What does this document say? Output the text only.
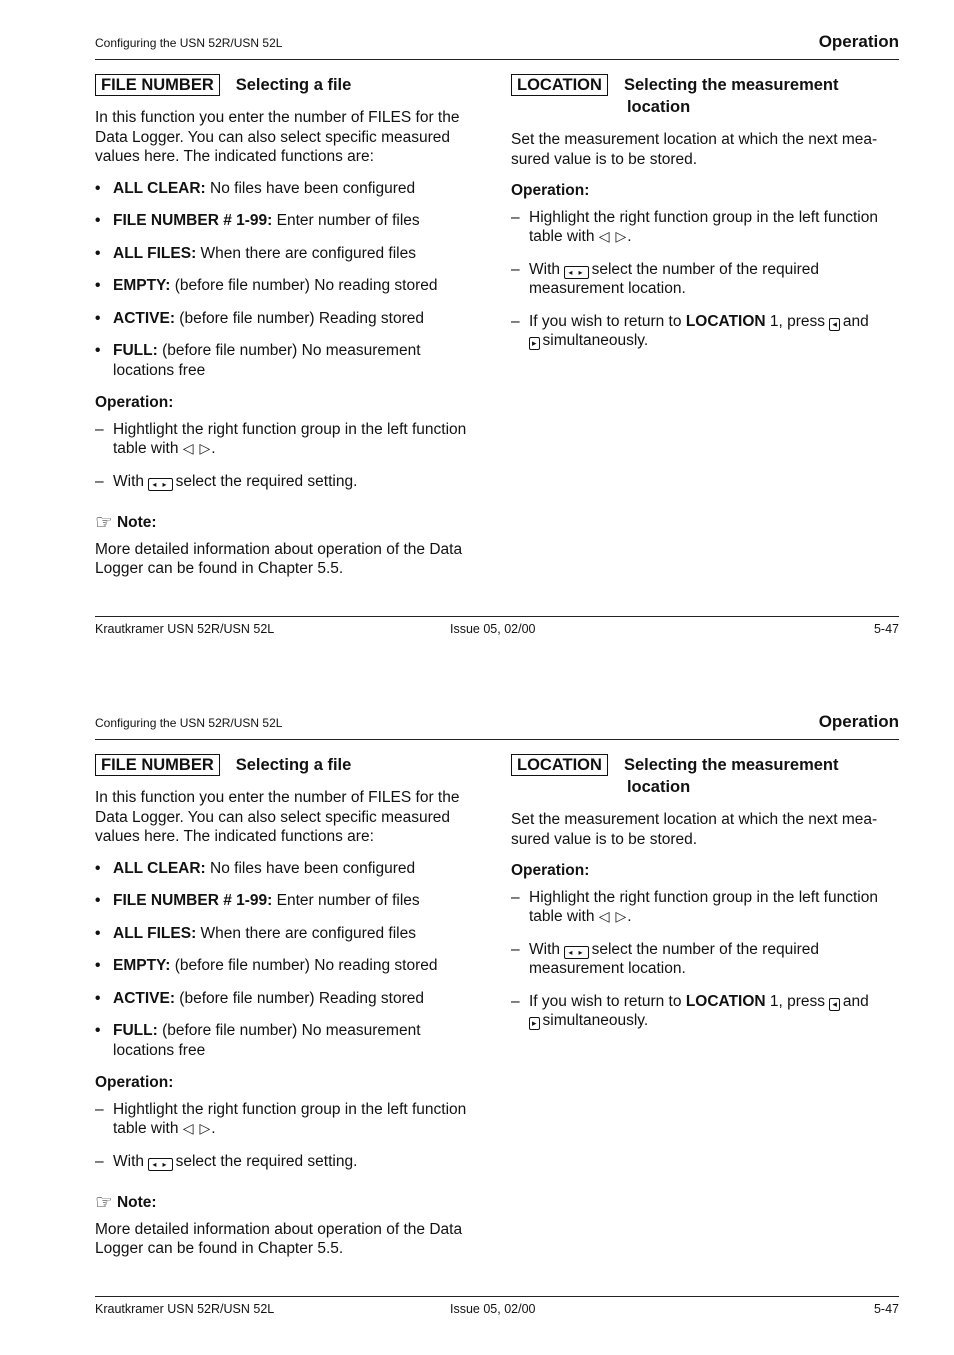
Configuring the USN 52R/USN 52L	Operation
FILE NUMBER	Selecting a file

In this function you enter the number of FILES for the Data Logger. You can also select specific measured values here. The indicated functions are:

• ALL CLEAR: No files have been configured
• FILE NUMBER # 1-99: Enter number of files
• ALL FILES: When there are configured files
• EMPTY: (before file number) No reading stored
• ACTIVE: (before file number) Reading stored
• FULL: (before file number) No measurement locations free
Operation:
– Hightlight the right function group in the left function table with ◁ ▷.
– With ◂ ▸ select the required setting.
☞ Note:

More detailed information about operation of the Data Logger can be found in Chapter 5.5.

LOCATION	Selecting the measurement
location

Set the measurement location at which the next mea-sured value is to be stored.

Operation:
– Highlight the right function group in the left function table with ◁ ▷.
– With ◂ ▸ select the number of the required measurement location.
– If you wish to return to LOCATION 1, press ◂ and
▸ simultaneously.
Krautkramer USN 52R/USN 52L	Issue 05, 02/00	5-47
Configuring the USN 52R/USN 52L	Operation
FILE NUMBER	Selecting a file

In this function you enter the number of FILES for the Data Logger. You can also select specific measured values here. The indicated functions are:

• ALL CLEAR: No files have been configured
• FILE NUMBER # 1-99: Enter number of files
• ALL FILES: When there are configured files
• EMPTY: (before file number) No reading stored
• ACTIVE: (before file number) Reading stored
• FULL: (before file number) No measurement locations free
Operation:
– Hightlight the right function group in the left function table with ◁ ▷.
– With ◂ ▸ select the required setting.
☞ Note:

More detailed information about operation of the Data Logger can be found in Chapter 5.5.

LOCATION	Selecting the measurement
location

Set the measurement location at which the next mea-sured value is to be stored.

Operation:
– Highlight the right function group in the left function table with ◁ ▷.
– With ◂ ▸ select the number of the required measurement location.
– If you wish to return to LOCATION 1, press ◂ and
▸ simultaneously.
Krautkramer USN 52R/USN 52L	Issue 05, 02/00	5-47
